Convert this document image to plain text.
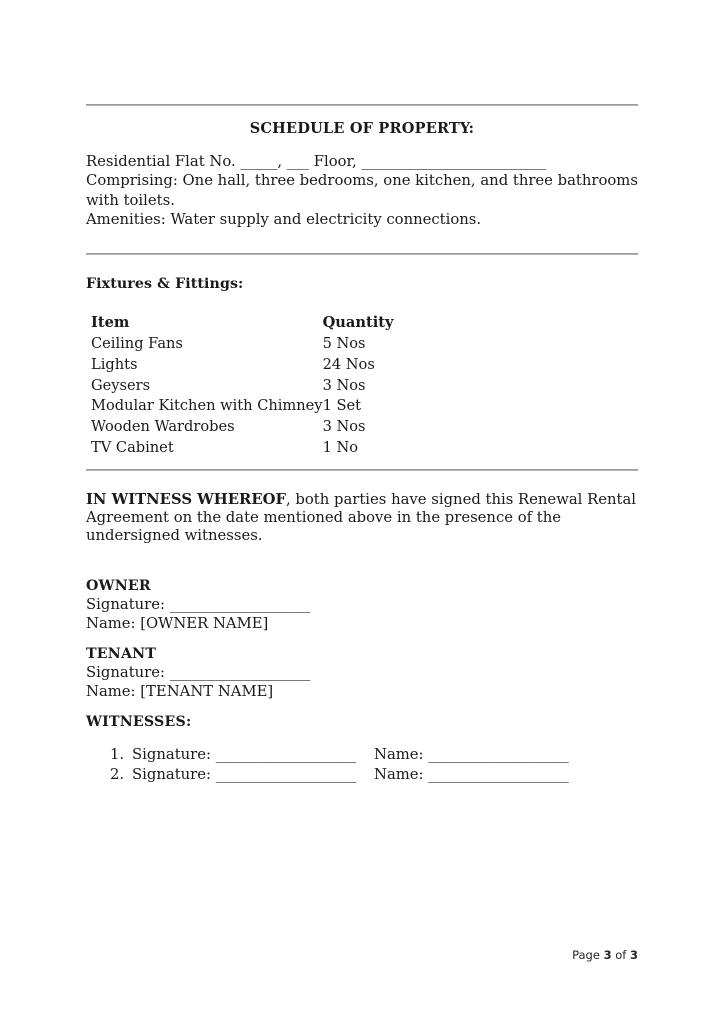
SCHEDULE OF PROPERTY:
Residential Flat No. _____, ___ Floor, _________________________
Comprising: One hall, three bedrooms, one kitchen, and three bathrooms
with toilets.
Amenities: Water supply and electricity connections.
Fixtures & Fittings:
Item	Quantity
Ceiling Fans	5 Nos
Lights	24 Nos
Geysers	3 Nos
Modular Kitchen with Chimney	1 Set
Wooden Wardrobes	3 Nos
TV Cabinet	1 No
IN WITNESS WHEREOF, both parties have signed this Renewal Rental Agreement on the date mentioned above in the presence of the undersigned witnesses.
OWNER
Signature: ___________________
Name: [OWNER NAME]
TENANT
Signature: ___________________
Name: [TENANT NAME]
WITNESSES:
1. Signature: ___________________	Name: ___________________
2. Signature: ___________________	Name: ___________________
Page 3 of 3
